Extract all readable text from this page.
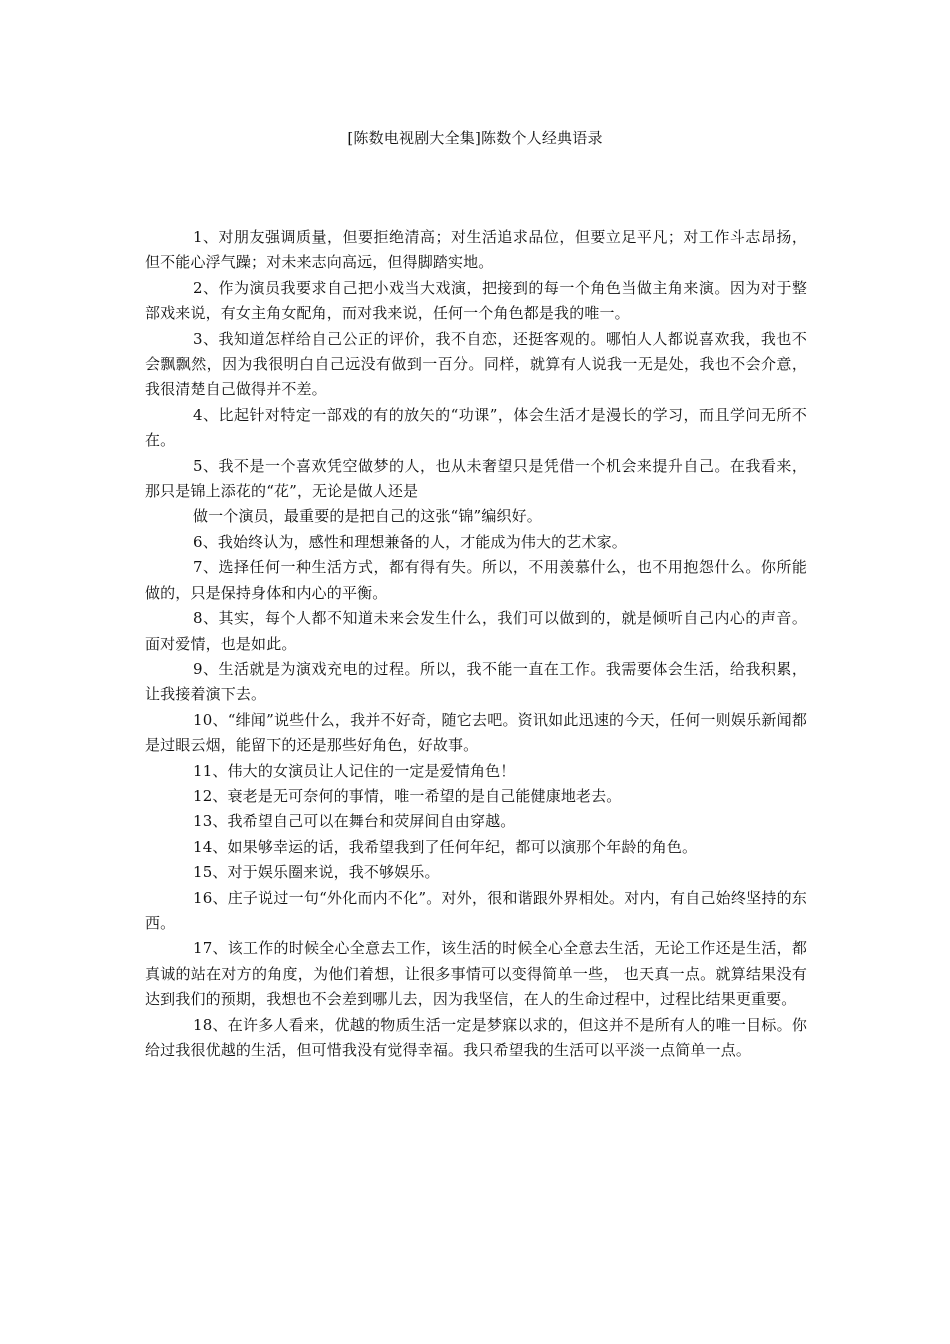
[陈数电视剧大全集]陈数个人经典语录

1、对朋友强调质量，但要拒绝清高；对生活追求品位，但要立足平凡；对工作斗志昂扬，但不能心浮气躁；对未来志向高远，但得脚踏实地。

2、作为演员我要求自己把小戏当大戏演，把接到的每一个角色当做主角来演。因为对于整部戏来说，有女主角女配角，而对我来说，任何一个角色都是我的唯一。

3、我知道怎样给自己公正的评价，我不自恋，还挺客观的。哪怕人人都说喜欢我，我也不会飘飘然，因为我很明白自己远没有做到一百分。同样，就算有人说我一无是处，我也不会介意，我很清楚自己做得并不差。

4、比起针对特定一部戏的有的放矢的“功课”，体会生活才是漫长的学习，而且学问无所不在。

5、我不是一个喜欢凭空做梦的人，也从未奢望只是凭借一个机会来提升自己。在我看来，那只是锦上添花的“花”，无论是做人还是

做一个演员，最重要的是把自己的这张“锦”编织好。

6、我始终认为，感性和理想兼备的人，才能成为伟大的艺术家。

7、选择任何一种生活方式，都有得有失。所以，不用羡慕什么，也不用抱怨什么。你所能做的，只是保持身体和内心的平衡。

8、其实，每个人都不知道未来会发生什么，我们可以做到的，就是倾听自己内心的声音。面对爱情，也是如此。

9、生活就是为演戏充电的过程。所以，我不能一直在工作。我需要体会生活，给我积累，让我接着演下去。

10、“绯闻”说些什么，我并不好奇，随它去吧。资讯如此迅速的今天，任何一则娱乐新闻都是过眼云烟，能留下的还是那些好角色，好故事。

11、伟大的女演员让人记住的一定是爱情角色！

12、衰老是无可奈何的事情，唯一希望的是自己能健康地老去。

13、我希望自己可以在舞台和荧屏间自由穿越。

14、如果够幸运的话，我希望我到了任何年纪，都可以演那个年龄的角色。

15、对于娱乐圈来说，我不够娱乐。

16、庄子说过一句“外化而内不化”。对外，很和谐跟外界相处。对内，有自己始终坚持的东西。

17、该工作的时候全心全意去工作，该生活的时候全心全意去生活，无论工作还是生活，都真诚的站在对方的角度，为他们着想，让很多事情可以变得简单一些， 也天真一点。就算结果没有达到我们的预期，我想也不会差到哪儿去，因为我坚信，在人的生命过程中，过程比结果更重要。

18、在许多人看来，优越的物质生活一定是梦寐以求的，但这并不是所有人的唯一目标。你给过我很优越的生活，但可惜我没有觉得幸福。我只希望我的生活可以平淡一点简单一点。
